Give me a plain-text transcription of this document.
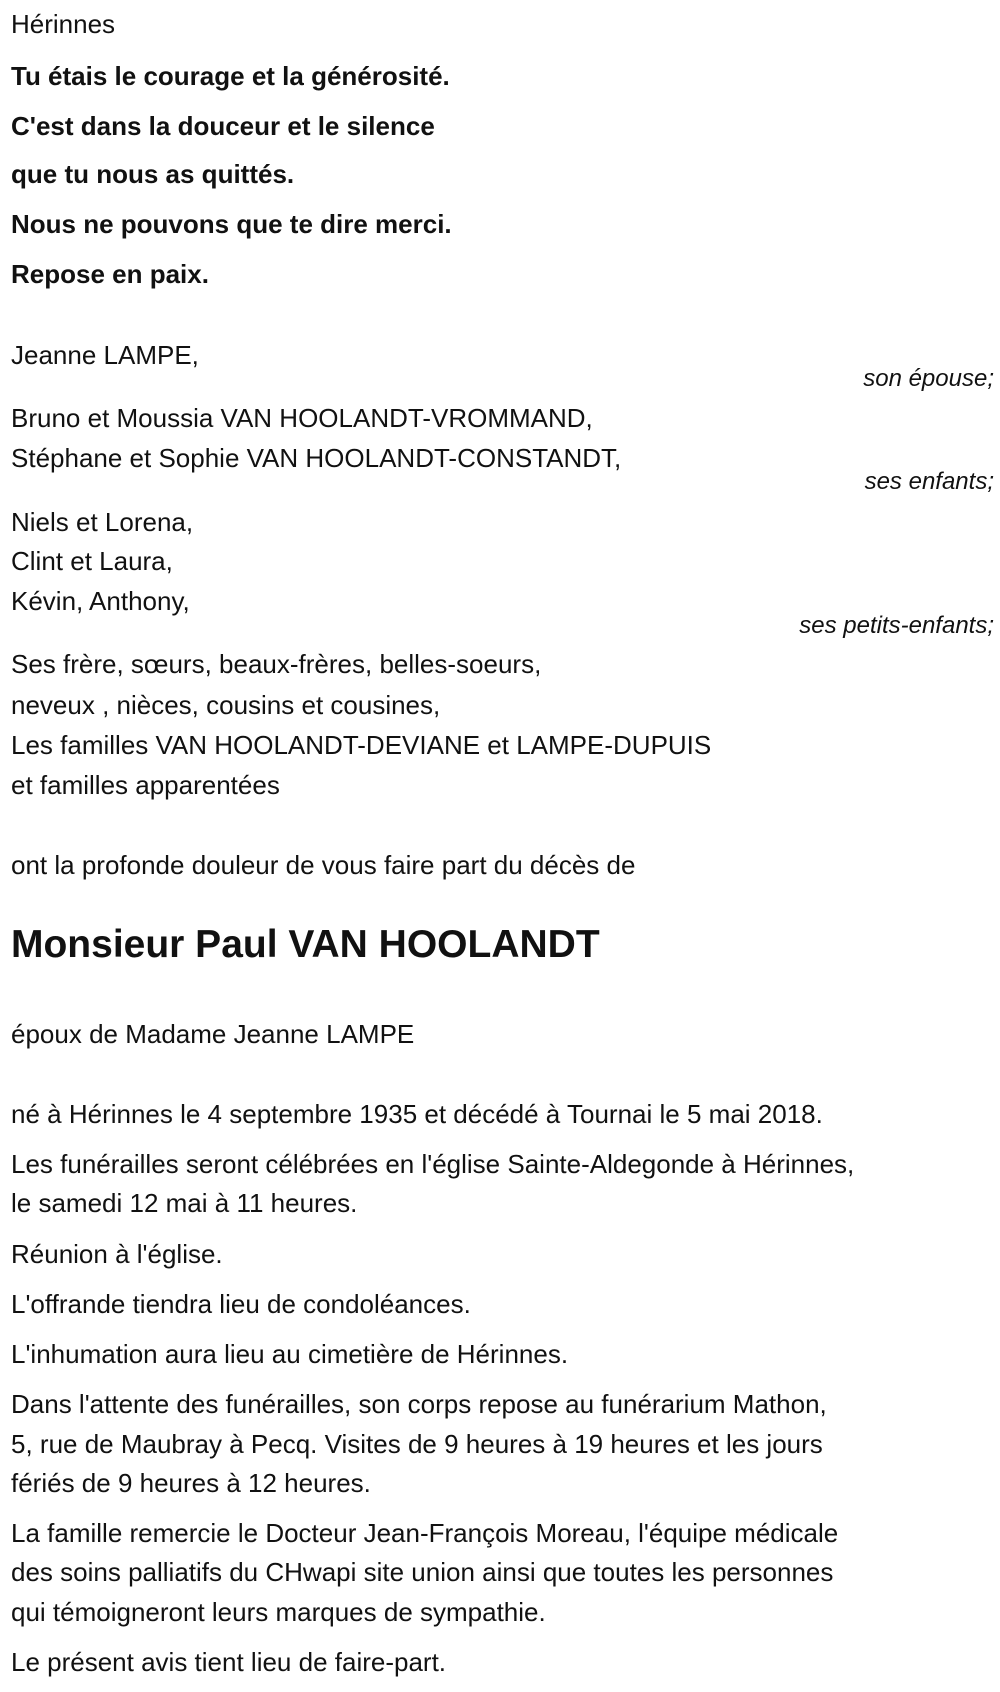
Hérinnes
Tu étais le courage et la générosité.
C'est dans la douceur et le silence
que tu nous as quittés.
Nous ne pouvons que te dire merci.
Repose en paix.
Jeanne LAMPE,
son épouse;
Bruno et Moussia VAN HOOLANDT-VROMMAND,
Stéphane et Sophie VAN HOOLANDT-CONSTANDT,
ses enfants;
Niels et Lorena,
Clint et Laura,
Kévin, Anthony,
ses petits-enfants;
Ses frère, sœurs, beaux-frères, belles-soeurs,
neveux , nièces, cousins et cousines,
Les familles VAN HOOLANDT-DEVIANE et LAMPE-DUPUIS
et familles apparentées
ont la profonde douleur de vous faire part du décès de
Monsieur Paul VAN HOOLANDT
époux de Madame Jeanne LAMPE
né à Hérinnes le 4 septembre 1935 et décédé à Tournai le 5 mai 2018.
Les funérailles seront célébrées en l'église Sainte-Aldegonde à Hérinnes,
le samedi 12 mai à 11 heures.
Réunion à l'église.
L'offrande tiendra lieu de condoléances.
L'inhumation aura lieu au cimetière de Hérinnes.
Dans l'attente des funérailles, son corps repose au funérarium Mathon,
5, rue de Maubray à Pecq. Visites de 9 heures à 19 heures et les jours
fériés de 9 heures à 12 heures.
La famille remercie le Docteur Jean-François Moreau, l'équipe médicale
des soins palliatifs du CHwapi site union ainsi que toutes les personnes
qui témoigneront leurs marques de sympathie.
Le présent avis tient lieu de faire-part.
